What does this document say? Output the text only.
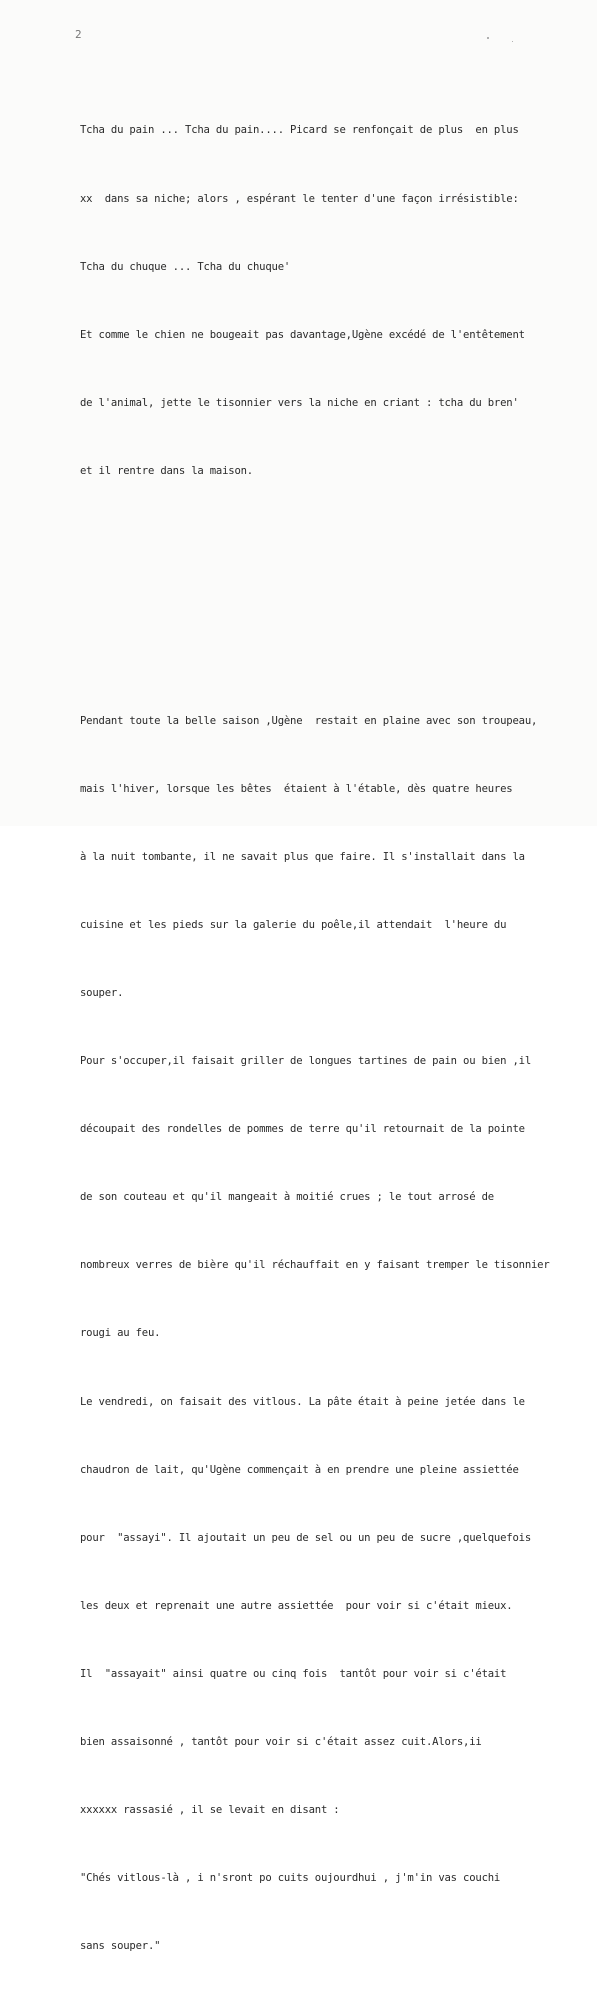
2

Tcha du pain ... Tcha du pain.... Picard se renfonçait de plus  en plus

xx  dans sa niche; alors , espérant le tenter d'une façon irrésistible:

Tcha du chuque ... Tcha du chuque'

Et comme le chien ne bougeait pas davantage,Ugène excédé de l'entêtement

de l'animal, jette le tisonnier vers la niche en criant : tcha du bren'

et il rentre dans la maison.

Pendant toute la belle saison ,Ugène  restait en plaine avec son troupeau,

mais l'hiver, lorsque les bêtes  étaient à l'étable, dès quatre heures

à la nuit tombante, il ne savait plus que faire. Il s'installait dans la

cuisine et les pieds sur la galerie du poêle,il attendait  l'heure du

souper.

Pour s'occuper,il faisait griller de longues tartines de pain ou bien ,il

découpait des rondelles de pommes de terre qu'il retournait de la pointe

de son couteau et qu'il mangeait à moitié crues ; le tout arrosé de

nombreux verres de bière qu'il réchauffait en y faisant tremper le tisonnier

rougi au feu.

Le vendredi, on faisait des vitlous. La pâte était à peine jetée dans le

chaudron de lait, qu'Ugène commençait à en prendre une pleine assiettée

pour  "assayi". Il ajoutait un peu de sel ou un peu de sucre ,quelquefois

les deux et reprenait une autre assiettée  pour voir si c'était mieux.

Il  "assayait" ainsi quatre ou cinq fois  tantôt pour voir si c'était

bien assaisonné , tantôt pour voir si c'était assez cuit.Alors,ii

xxxxxx rassasié , il se levait en disant :

"Chés vitlous-là , i n'sront po cuits oujourdhui , j'm'in vas couchi

sans souper."
